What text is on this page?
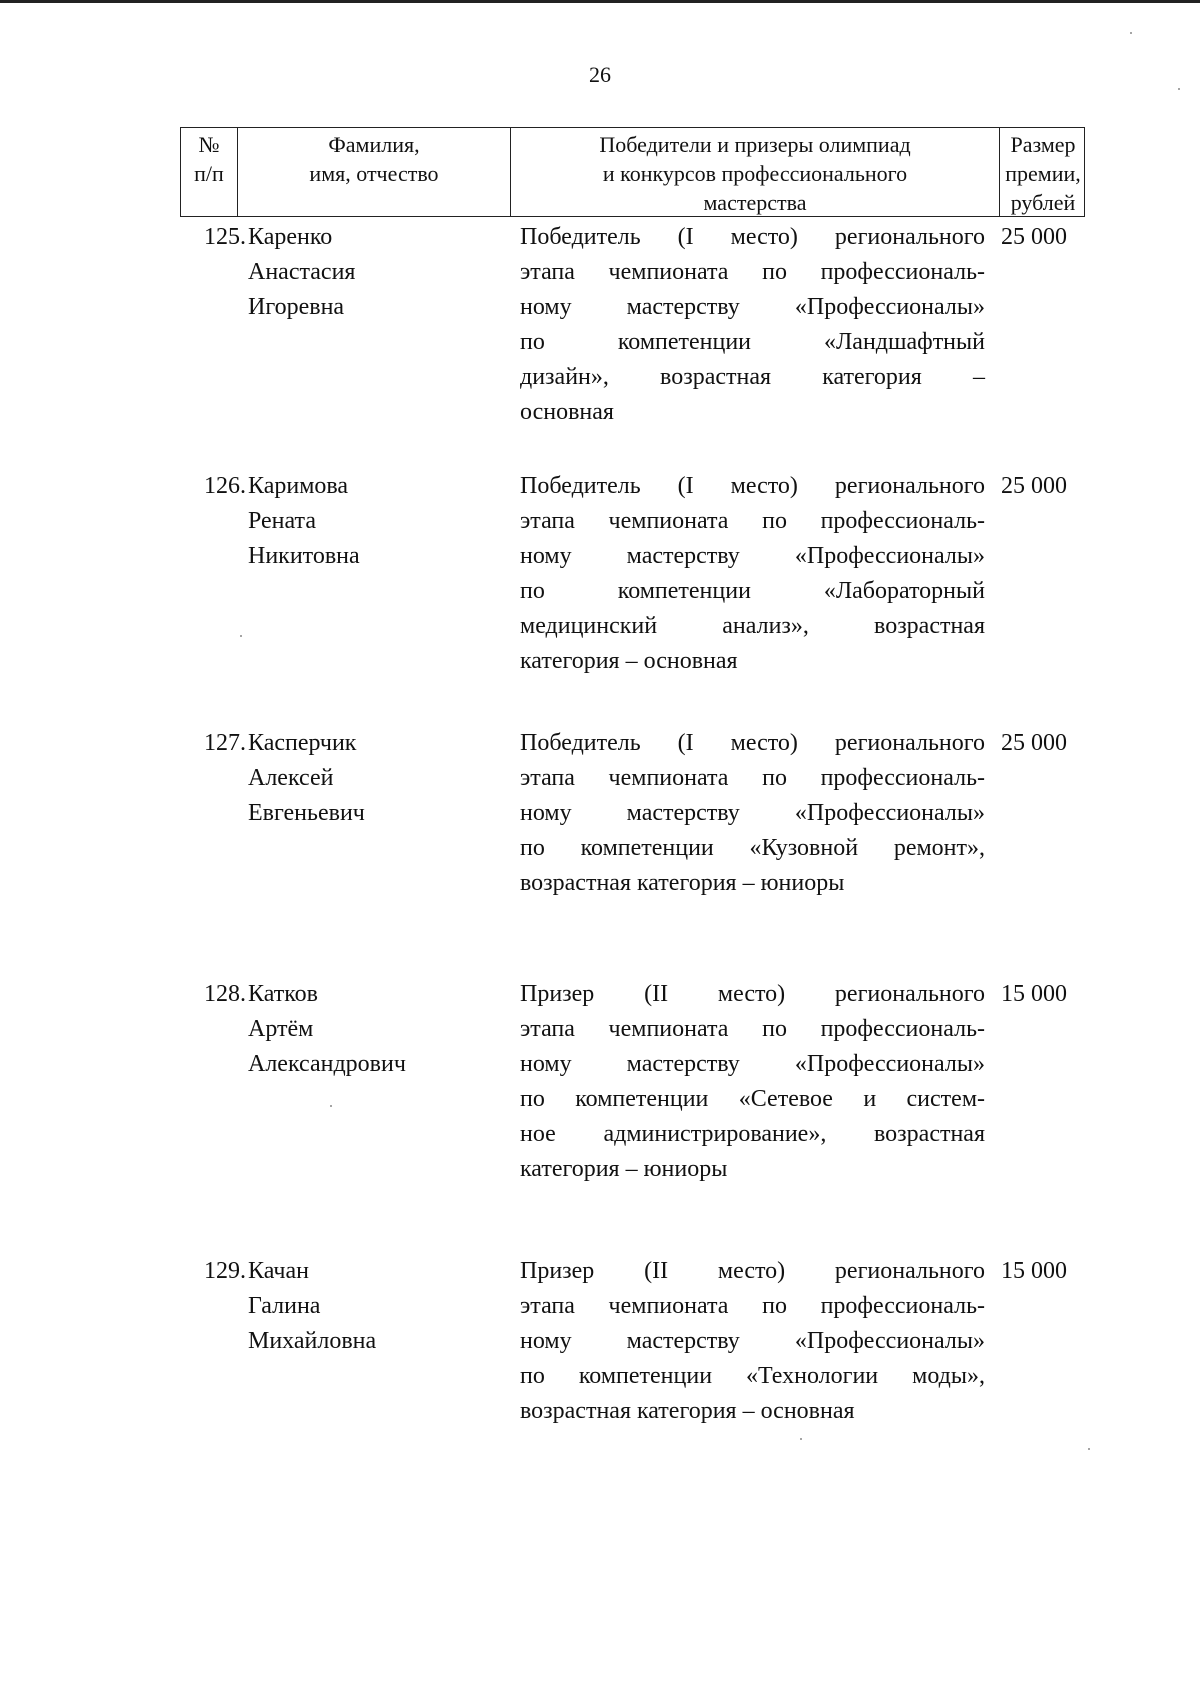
26
№
п/п
Фамилия,
имя, отчество
Победители и призеры олимпиад
и конкурсов профессионального
мастерства
Размер
премии,
рублей
125. Каренко
Анастасия
Игоревна
Победитель (I место) регионального
этапа чемпионата по профессиональ-
ному мастерству «Профессионалы»
по компетенции «Ландшафтный
дизайн», возрастная категория –
основная
25 000
126. Каримова
Рената
Никитовна
Победитель (I место) регионального
этапа чемпионата по профессиональ-
ному мастерству «Профессионалы»
по компетенции «Лабораторный
медицинский анализ», возрастная
категория – основная
25 000
127. Касперчик
Алексей
Евгеньевич
Победитель (I место) регионального
этапа чемпионата по профессиональ-
ному мастерству «Профессионалы»
по компетенции «Кузовной ремонт»,
возрастная категория – юниоры
25 000
128. Катков
Артём
Александрович
Призер (II место) регионального
этапа чемпионата по профессиональ-
ному мастерству «Профессионалы»
по компетенции «Сетевое и систем-
ное администрирование», возрастная
категория – юниоры
15 000
129. Качан
Галина
Михайловна
Призер (II место) регионального
этапа чемпионата по профессиональ-
ному мастерству «Профессионалы»
по компетенции «Технологии моды»,
возрастная категория – основная
15 000
